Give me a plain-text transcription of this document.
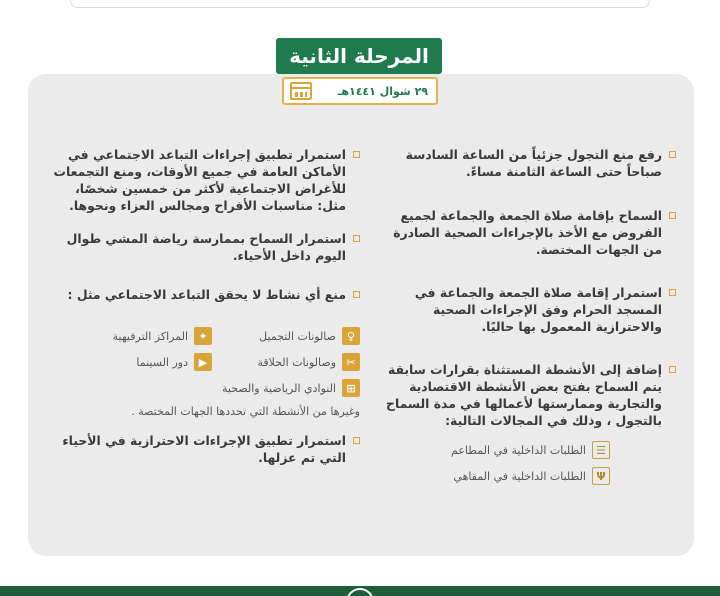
المرحلة الثانية
٢٩ شوال ١٤٤١هـ
رفع منع التجول جزئياً من الساعة السادسة صباحاً حتى الساعة الثامنة مساءً.
السماح بإقامة صلاة الجمعة والجماعة لجميع الفروض مع الأخذ بالإجراءات الصحية الصادرة من الجهات المختصة.
استمرار إقامة صلاة الجمعة والجماعة في المسجد الحرام وفق الإجراءات الصحية والاحترازية المعمول بها حاليًا.
إضافة إلى الأنشطة المستثناة بقرارات سابقة يتم السماح بفتح بعض الأنشطة الاقتصادية والتجارية وممارستها لأعمالها في مدة السماح بالتجول ، وذلك في المجالات التالية:
☰
الطلبات الداخلية في المطاعم
Ψ
الطلبات الداخلية في المقاهي
استمرار تطبيق إجراءات التباعد الاجتماعي في الأماكن العامة في جميع الأوقات، ومنع التجمعات للأغراض الاجتماعية لأكثر من خمسين شخصًا، مثل: مناسبات الأفراح ومجالس العزاء ونحوها.
استمرار السماح بممارسة رياضة المشي طوال اليوم داخل الأحياء.
منع أي نشاط لا يحقق التباعد الاجتماعي مثل :
♀
صالونات التجميل
✦
المراكز الترفيهية
✂
وصالونات الحلاقة
▶
دور السينما
⊞
النوادي الرياضية والصحية
وغيرها من الأنشطة التي تحددها الجهات المختصة .
استمرار تطبيق الإجراءات الاحترازية في الأحياء التي تم عزلها.
